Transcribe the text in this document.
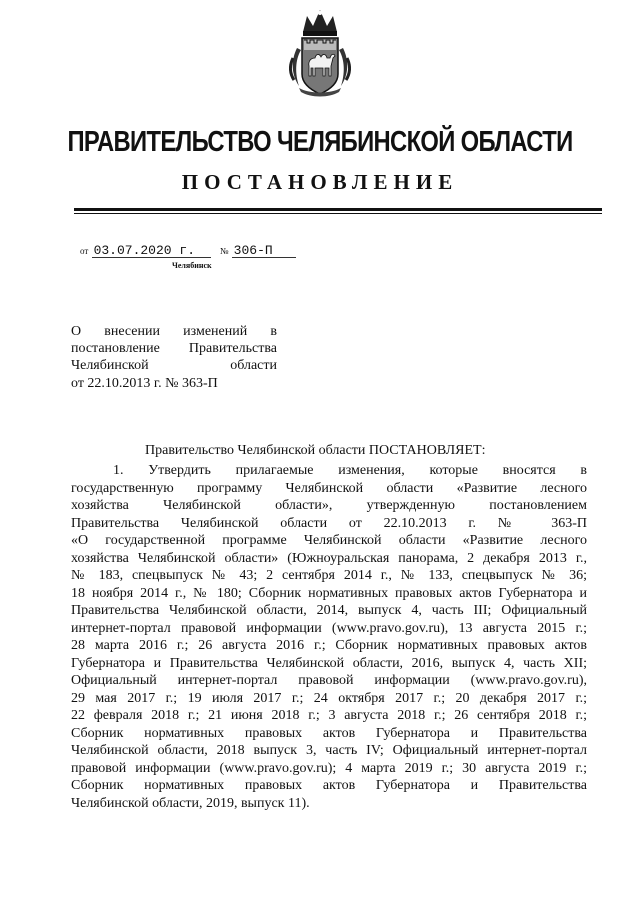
ПРАВИТЕЛЬСТВО ЧЕЛЯБИНСКОЙ ОБЛАСТИ
ПОСТАНОВЛЕНИЕ
от 03.07.2020 г.	№ 306-П
Челябинск
О внесении изменений в
постановление Правительства
Челябинской области
от 22.10.2013 г. № 363-П
Правительство Челябинской области ПОСТАНОВЛЯЕТ:
1. Утвердить прилагаемые изменения, которые вносятся в
государственную программу Челябинской области «Развитие лесного
хозяйства Челябинской области», утвержденную постановлением
Правительства Челябинской области от 22.10.2013 г. № 363-П
«О государственной программе Челябинской области «Развитие лесного
хозяйства Челябинской области» (Южноуральская панорама, 2 декабря 2013 г.,
№ 183, спецвыпуск № 43; 2 сентября 2014 г., № 133, спецвыпуск № 36;
18 ноября 2014 г., № 180; Сборник нормативных правовых актов Губернатора и
Правительства Челябинской области, 2014, выпуск 4, часть III; Официальный
интернет-портал правовой информации (www.pravo.gov.ru), 13 августа 2015 г.;
28 марта 2016 г.; 26 августа 2016 г.; Сборник нормативных правовых актов
Губернатора и Правительства Челябинской области, 2016, выпуск 4, часть XII;
Официальный интернет-портал правовой информации (www.pravo.gov.ru),
29 мая 2017 г.; 19 июля 2017 г.; 24 октября 2017 г.; 20 декабря 2017 г.;
22 февраля 2018 г.; 21 июня 2018 г.; 3 августа 2018 г.; 26 сентября 2018 г.;
Сборник нормативных правовых актов Губернатора и Правительства
Челябинской области, 2018 выпуск 3, часть IV; Официальный интернет-портал
правовой информации (www.pravo.gov.ru); 4 марта 2019 г.; 30 августа 2019 г.;
Сборник нормативных правовых актов Губернатора и Правительства
Челябинской области, 2019, выпуск 11).
